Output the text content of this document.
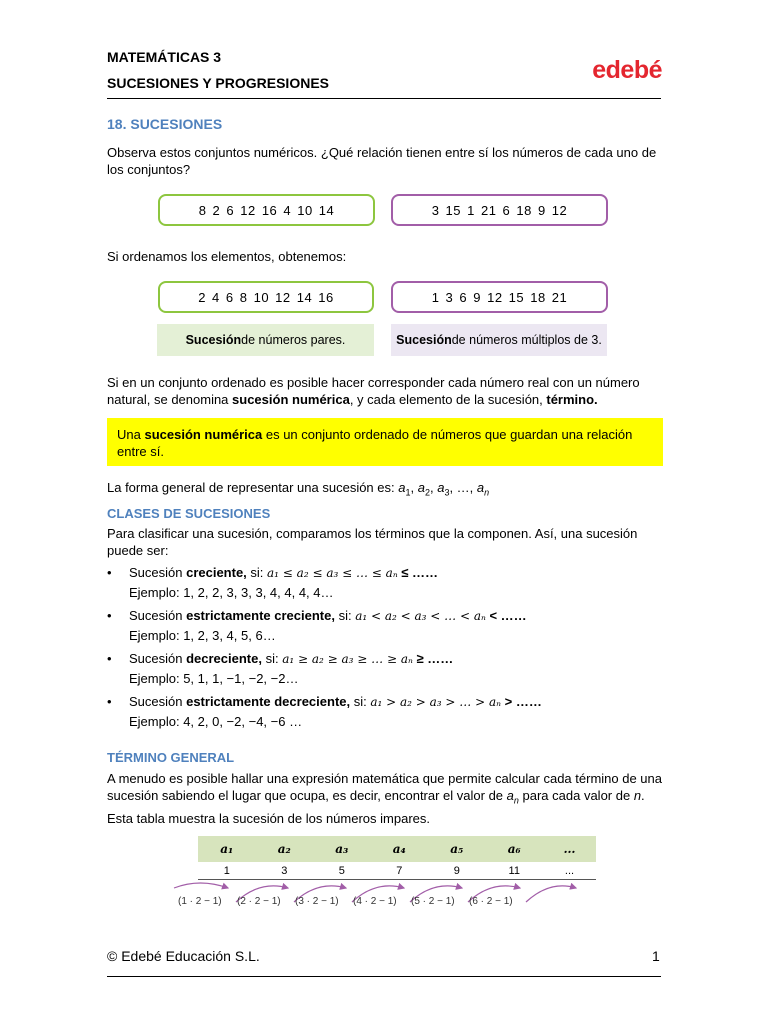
MATEMÁTICAS 3
SUCESIONES Y PROGRESIONES	edebé
18. SUCESIONES
Observa estos conjuntos numéricos. ¿Qué relación tienen entre sí los números de cada uno de los conjuntos?
8 2 6 12 16 4 10 14	3 15 1 21 6 18 9 12
Si ordenamos los elementos, obtenemos:
2 4 6 8 10 12 14 16	1 3 6 9 12 15 18 21
Sucesión de números pares.	Sucesión de números múltiplos de 3.
Si en un conjunto ordenado es posible hacer corresponder cada número real con un número natural, se denomina sucesión numérica, y cada elemento de la sucesión, término.
Una sucesión numérica es un conjunto ordenado de números que guardan una relación entre sí.
La forma general de representar una sucesión es: $a_1$, $a_2$, $a_3$, …, $a_n$
CLASES DE SUCESIONES
Para clasificar una sucesión, comparamos los términos que la componen. Así, una sucesión puede ser:
• Sucesión creciente, si: a₁ ≤ a₂ ≤ a₃ ≤ … ≤ aₙ ≤ ……
Ejemplo: 1, 2, 2, 3, 3, 3, 4, 4, 4, 4…
• Sucesión estrictamente creciente, si: a₁ < a₂ < a₃ < … < aₙ < ……
Ejemplo: 1, 2, 3, 4, 5, 6…
• Sucesión decreciente, si: a₁ ≥ a₂ ≥ a₃ ≥ … ≥ aₙ ≥ ……
Ejemplo: 5, 1, 1, −1, −2, −2…
• Sucesión estrictamente decreciente, si: a₁ > a₂ > a₃ > … > aₙ > ……
Ejemplo: 4, 2, 0, −2, −4, −6 …
TÉRMINO GENERAL
A menudo es posible hallar una expresión matemática que permite calcular cada término de una sucesión sabiendo el lugar que ocupa, es decir, encontrar el valor de $a_n$ para cada valor de n. Esta tabla muestra la sucesión de los números impares.
a₁	a₂	a₃	a₄	a₅	a₆	…
1	3	5	7	9	11	...
(1 · 2 − 1) (2 · 2 − 1) (3 · 2 − 1) (4 · 2 − 1) (5 · 2 − 1) (6 · 2 − 1)
© Edebé Educación S.L.	1
